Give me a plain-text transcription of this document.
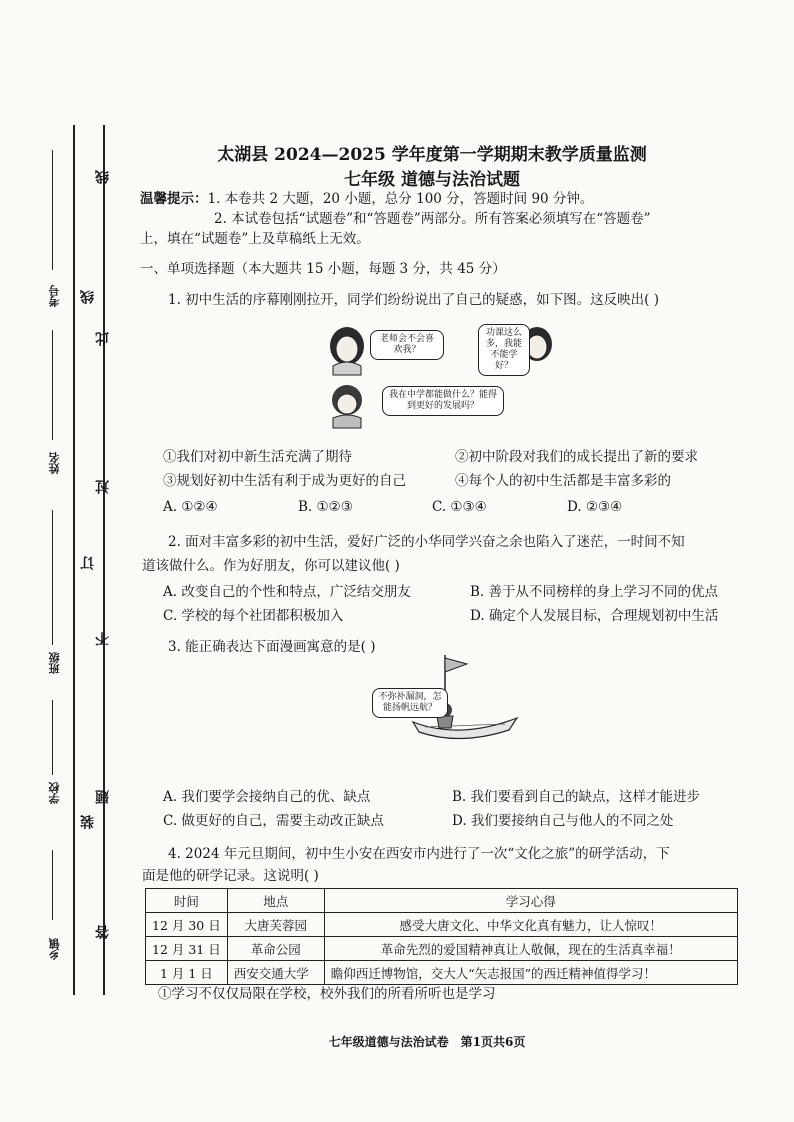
考号
姓名
班级
学校
乡镇
线
线
此
过
订
不
题
装
答
太湖县 2024—2025 学年度第一学期期末教学质量监测
七年级 道德与法治试题
温馨提示：1. 本卷共 2 大题，20 小题，总分 100 分，答题时间 90 分钟。
2. 本试卷包括“试题卷”和“答题卷”两部分。所有答案必须填写在“答题卷”
上，填在“试题卷”上及草稿纸上无效。
一、单项选择题（本大题共 15 小题，每题 3 分，共 45 分）
1. 初中生活的序幕刚刚拉开，同学们纷纷说出了自己的疑惑，如下图。这反映出( )
老师会不会喜欢我？
功课这么多，我能不能学好？
我在中学都能做什么？能得到更好的发展吗？
①我们对初中新生活充满了期待	②初中阶段对我们的成长提出了新的要求
③规划好初中生活有利于成为更好的自己	④每个人的初中生活都是丰富多彩的
A. ①②④	B. ①②③	C. ①③④	D. ②③④
2. 面对丰富多彩的初中生活，爱好广泛的小华同学兴奋之余也陷入了迷茫，一时间不知
道该做什么。作为好朋友，你可以建议他( )
A. 改变自己的个性和特点，广泛结交朋友	B. 善于从不同榜样的身上学习不同的优点
C. 学校的每个社团都积极加入	D. 确定个人发展目标，合理规划初中生活
3. 能正确表达下面漫画寓意的是( )
不弥补漏洞，怎能扬帆远航？
A. 我们要学会接纳自己的优、缺点	B. 我们要看到自己的缺点，这样才能进步
C. 做更好的自己，需要主动改正缺点	D. 我们要接纳自己与他人的不同之处
4. 2024 年元旦期间，初中生小安在西安市内进行了一次“文化之旅”的研学活动，下
面是他的研学记录。这说明( )
时间	地点	学习心得
12 月 30 日	大唐芙蓉园	感受大唐文化、中华文化真有魅力，让人惊叹！
12 月 31 日	革命公园	革命先烈的爱国精神真让人敬佩，现在的生活真幸福！
1 月 1 日	西安交通大学	瞻仰西迁博物馆，交大人“矢志报国”的西迁精神值得学习！
①学习不仅仅局限在学校，校外我们的所看所听也是学习
七年级道德与法治试卷　第1页共6页
